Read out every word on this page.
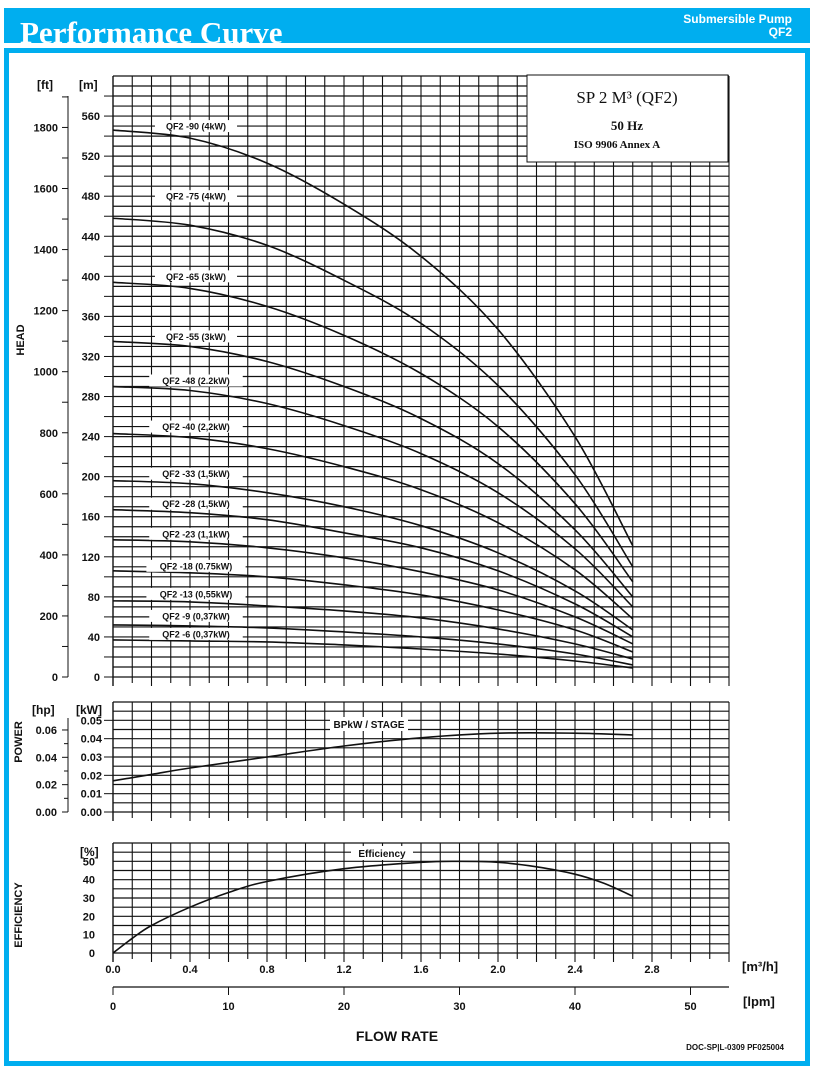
Performance Curve	Submersible Pump
QF2
SP 2 M³ (QF2)
50 Hz
ISO 9906 Annex A
0
40
80
120
160
200
240
280
320
360
400
440
480
520
560
[m]
0
200
400
600
800
1000
1200
1400
1600
1800
[ft]
HEAD
QF2 -90 (4kW)
QF2 -75 (4kW)
QF2 -65 (3kW)
QF2 -55 (3kW)
QF2 -48 (2.2kW)
QF2 -40 (2,2kW)
QF2 -33 (1,5kW)
QF2 -28 (1,5kW)
QF2 -23 (1,1kW)
QF2 -18 (0.75kW)
QF2 -13 (0,55kW)
QF2 -9 (0,37kW)
QF2 -6 (0,37kW)
0.00
0.01
0.02
0.03
0.04
0.05
[kW]
0.00
0.02
0.04
0.06
[hp]
POWER	BPkW / STAGE
0
10
20
30
40
50
[%]
EFFICIENCY
Efficiency
0.0	0.4	0.8	1.2	1.6	2.0	2.4	2.8	[m³/h]
0	10	20	30	40	50	[lpm]
FLOW RATE
DOC-SP|L-0309 PF025004
